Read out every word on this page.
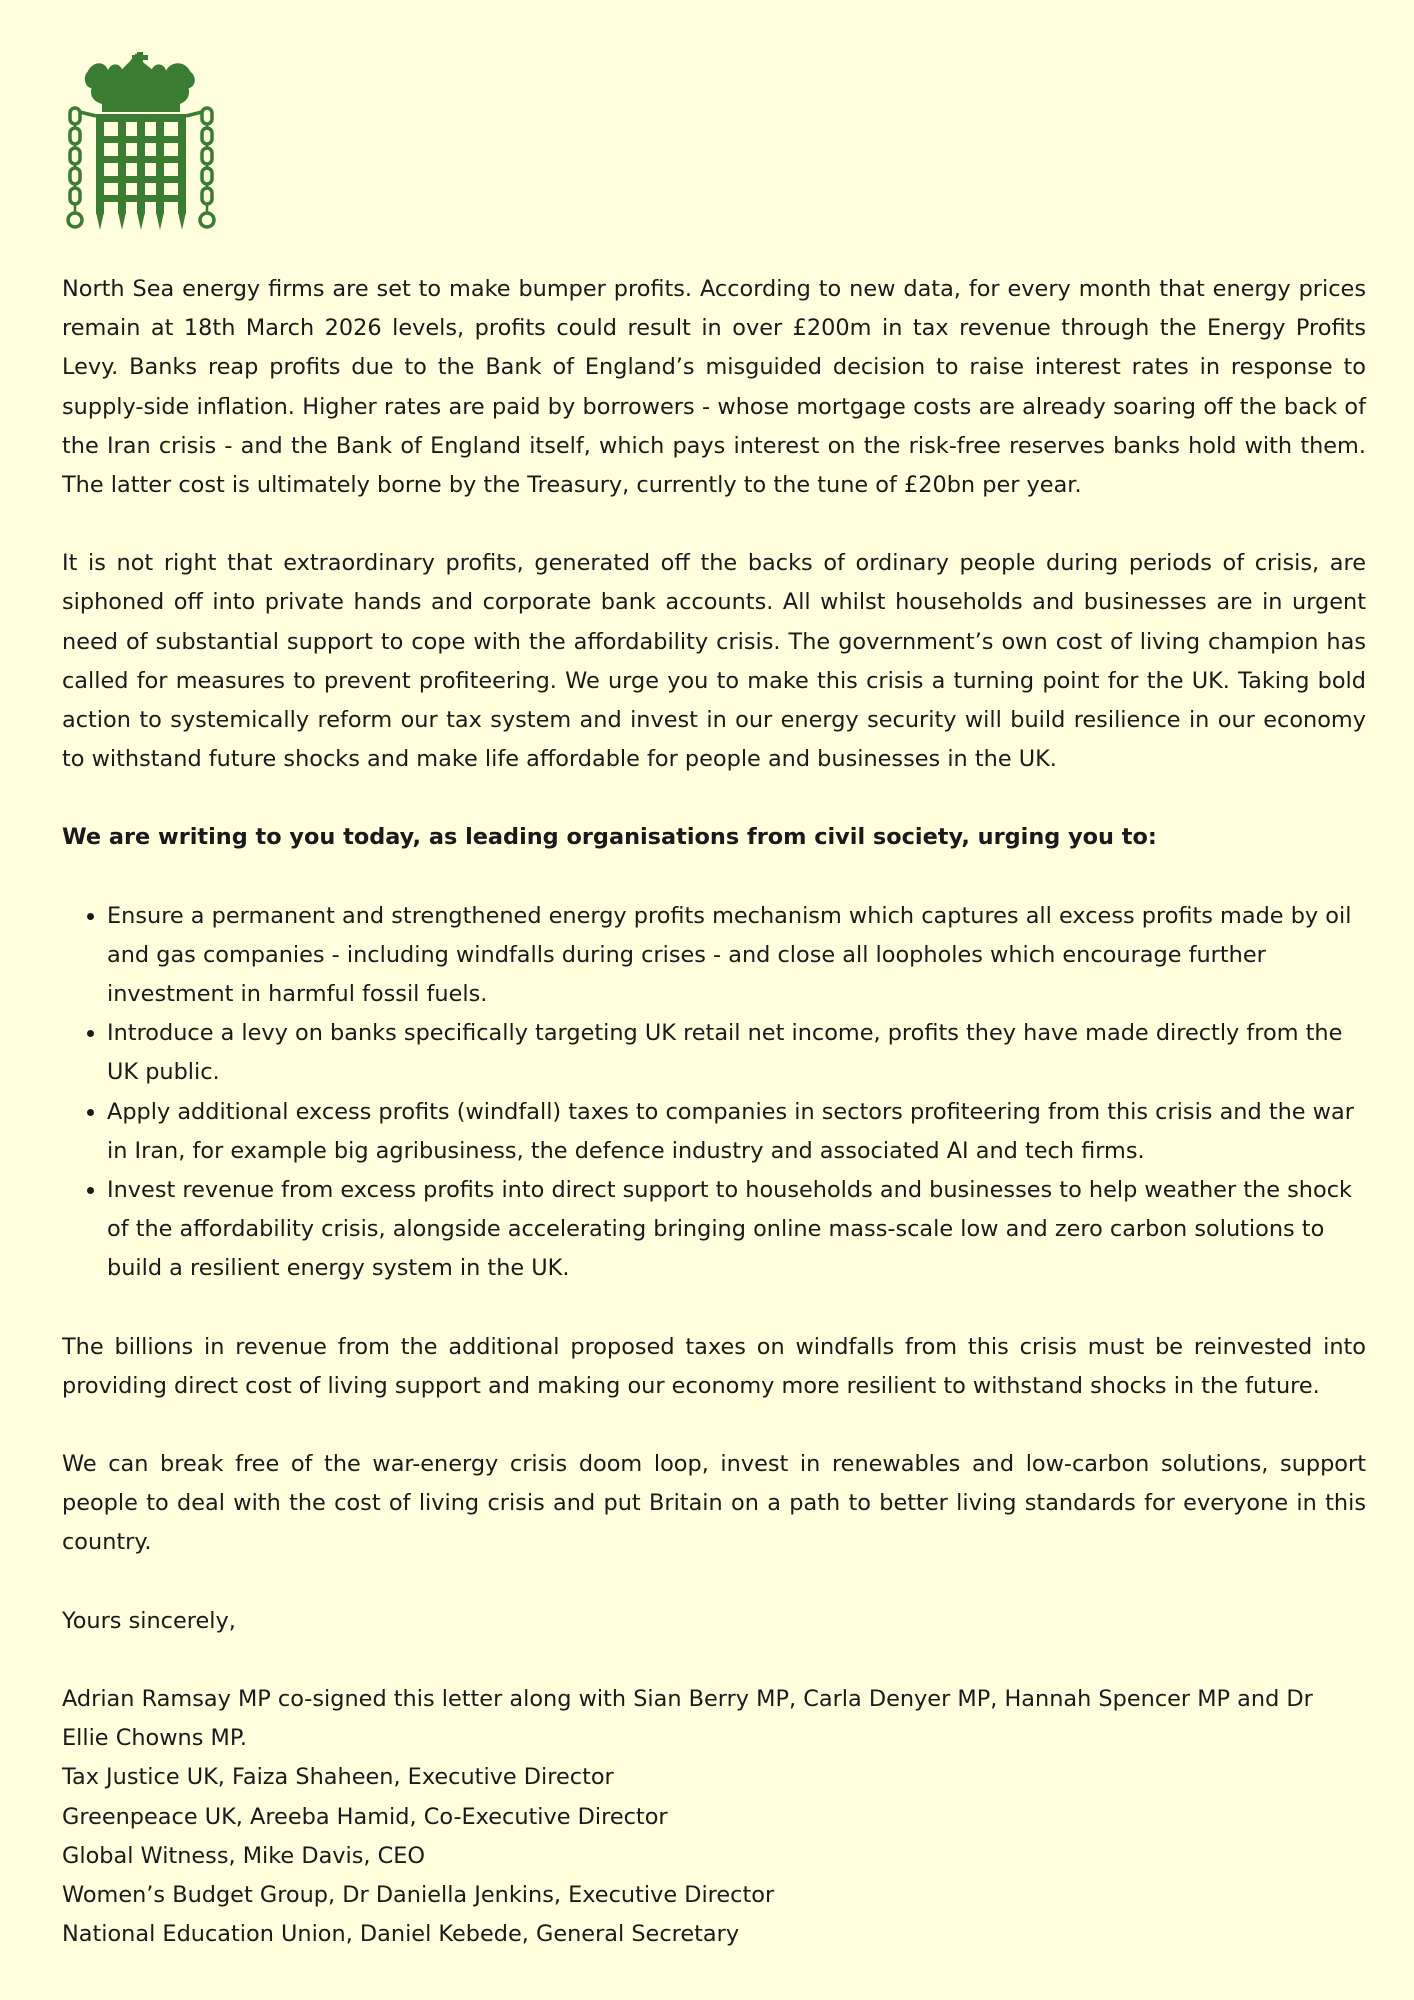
North Sea energy firms are set to make bumper profits. According to new data, for every month that energy prices remain at 18th March 2026 levels, profits could result in over £200m in tax revenue through the Energy Profits Levy. Banks reap profits due to the Bank of England’s misguided decision to raise interest rates in response to supply-side inflation. Higher rates are paid by borrowers - whose mortgage costs are already soaring off the back of the Iran crisis - and the Bank of England itself, which pays interest on the risk-free reserves banks hold with them. The latter cost is ultimately borne by the Treasury, currently to the tune of £20bn per year.

It is not right that extraordinary profits, generated off the backs of ordinary people during periods of crisis, are siphoned off into private hands and corporate bank accounts. All whilst households and businesses are in urgent need of substantial support to cope with the affordability crisis. The government’s own cost of living champion has called for measures to prevent profiteering. We urge you to make this crisis a turning point for the UK. Taking bold action to systemically reform our tax system and invest in our energy security will build resilience in our economy to withstand future shocks and make life affordable for people and businesses in the UK.

We are writing to you today, as leading organisations from civil society, urging you to:

• Ensure a permanent and strengthened energy profits mechanism which captures all excess profits made by oil and gas companies - including windfalls during crises - and close all loopholes which encourage further investment in harmful fossil fuels.
• Introduce a levy on banks specifically targeting UK retail net income, profits they have made directly from the UK public.
• Apply additional excess profits (windfall) taxes to companies in sectors profiteering from this crisis and the war in Iran, for example big agribusiness, the defence industry and associated AI and tech firms.
• Invest revenue from excess profits into direct support to households and businesses to help weather the shock of the affordability crisis, alongside accelerating bringing online mass-scale low and zero carbon solutions to build a resilient energy system in the UK.

The billions in revenue from the additional proposed taxes on windfalls from this crisis must be reinvested into providing direct cost of living support and making our economy more resilient to withstand shocks in the future.

We can break free of the war-energy crisis doom loop, invest in renewables and low-carbon solutions, support people to deal with the cost of living crisis and put Britain on a path to better living standards for everyone in this country.

Yours sincerely,

Adrian Ramsay MP co-signed this letter along with Sian Berry MP, Carla Denyer MP, Hannah Spencer MP and Dr Ellie Chowns MP.
Tax Justice UK, Faiza Shaheen, Executive Director
Greenpeace UK, Areeba Hamid, Co-Executive Director
Global Witness, Mike Davis, CEO
Women’s Budget Group, Dr Daniella Jenkins, Executive Director
National Education Union, Daniel Kebede, General Secretary
